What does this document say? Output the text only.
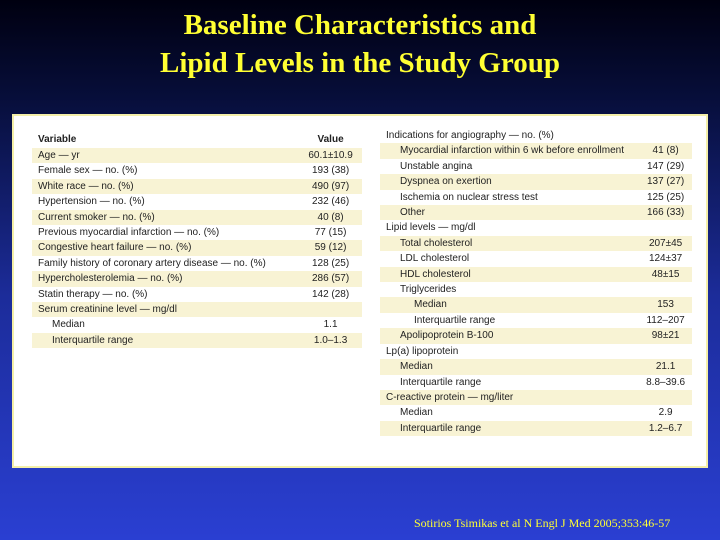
Baseline Characteristics and
Lipid Levels in the Study Group
Variable	Value
Age — yr	60.1±10.9
Female sex — no. (%)	193 (38)
White race — no. (%)	490 (97)
Hypertension — no. (%)	232 (46)
Current smoker — no. (%)	40 (8)
Previous myocardial infarction — no. (%)	77 (15)
Congestive heart failure — no. (%)	59 (12)
Family history of coronary artery disease — no. (%)	128 (25)
Hypercholesterolemia — no. (%)	286 (57)
Statin therapy — no. (%)	142 (28)
Serum creatinine level — mg/dl	
Median	1.1
Interquartile range	1.0–1.3
Indications for angiography — no. (%)	
Myocardial infarction within 6 wk before enrollment	41 (8)
Unstable angina	147 (29)
Dyspnea on exertion	137 (27)
Ischemia on nuclear stress test	125 (25)
Other	166 (33)
Lipid levels — mg/dl	
Total cholesterol	207±45
LDL cholesterol	124±37
HDL cholesterol	48±15
Triglycerides	
Median	153
Interquartile range	112–207
Apolipoprotein B-100	98±21
Lp(a) lipoprotein	
Median	21.1
Interquartile range	8.8–39.6
C-reactive protein — mg/liter	
Median	2.9
Interquartile range	1.2–6.7
Sotirios Tsimikas et al N Engl J Med 2005;353:46-57
